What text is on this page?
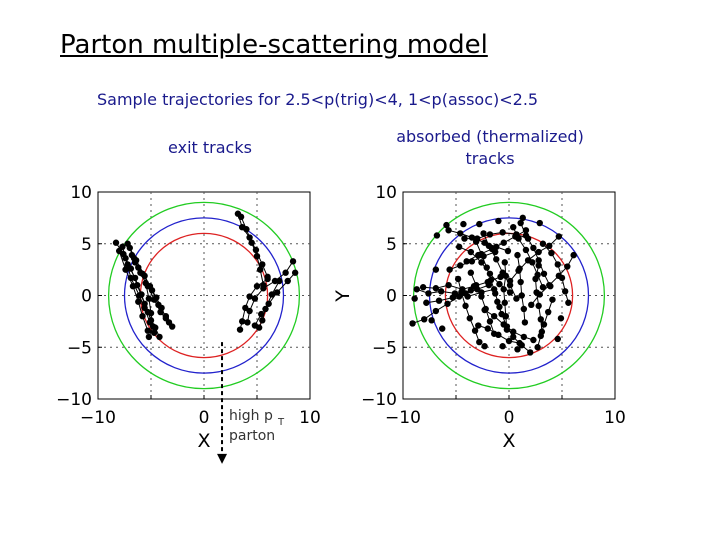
Parton multiple-scattering model
Sample trajectories for 2.5<p(trig)<4, 1<p(assoc)<2.5
exit tracks
absorbed (thermalized)
tracks
10
5
0
−5
−10
−10	0	10
X
10
5
0
−5
−10
−10	0	10
X
Y
high p T
parton
